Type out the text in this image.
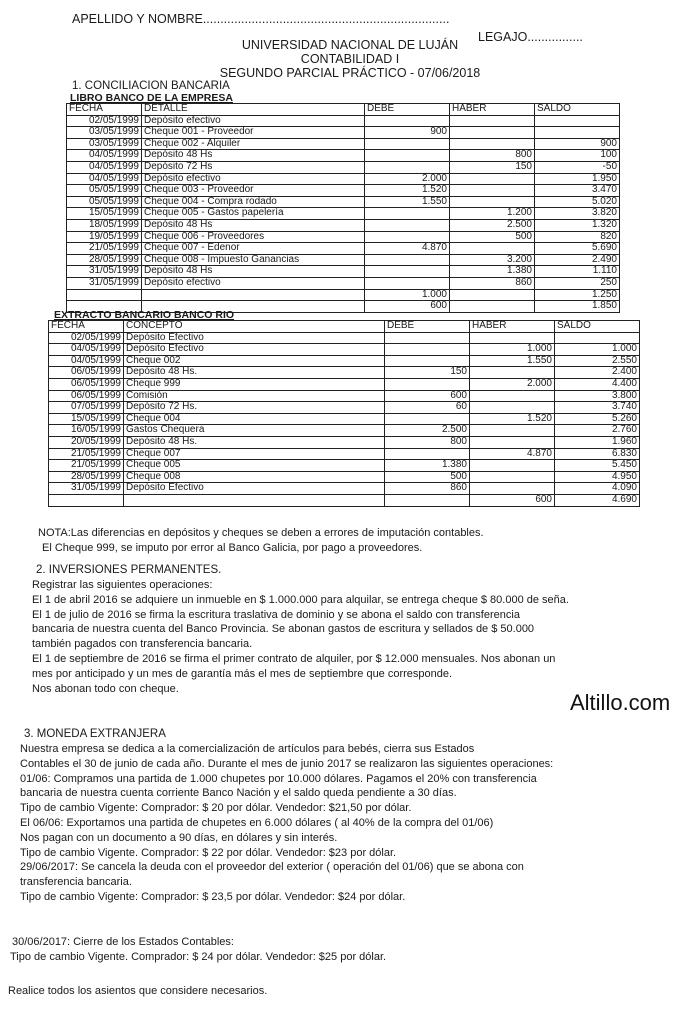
APELLIDO Y NOMBRE.......................................................................
LEGAJO................
UNIVERSIDAD NACIONAL DE LUJÁN
CONTABILIDAD I
SEGUNDO PARCIAL PRÁCTICO - 07/06/2018
1. CONCILIACION BANCARIA
LIBRO BANCO DE LA EMPRESA
FECHA	DETALLE	DEBE	HABER	SALDO
02/05/1999	Depósito efectivo			
03/05/1999	Cheque 001 - Proveedor	900		
03/05/1999	Cheque 002 - Alquiler			900
04/05/1999	Depósito 48 Hs		800	100
04/05/1999	Depósito 72 Hs		150	-50
04/05/1999	Depósito efectivo	2.000		1.950
05/05/1999	Cheque 003 - Proveedor	1.520		3.470
05/05/1999	Cheque 004 - Compra rodado	1.550		5.020
15/05/1999	Cheque 005 - Gastos papelería		1.200	3.820
18/05/1999	Depósito 48 Hs		2.500	1.320
19/05/1999	Cheque 006 - Proveedores		500	820
21/05/1999	Cheque 007 - Edenor	4.870		5.690
28/05/1999	Cheque 008 - Impuesto Ganancias		3.200	2.490
31/05/1999	Depósito 48 Hs		1.380	1.110
31/05/1999	Depósito efectivo		860	250
		1.000		1.250
		600		1.850
EXTRACTO BANCARIO BANCO RIO
FECHA	CONCEPTO	DEBE	HABER	SALDO
02/05/1999	Depósito Efectivo			
04/05/1999	Depósito Efectivo		1.000	1.000
04/05/1999	Cheque 002		1.550	2.550
06/05/1999	Depósito 48 Hs.	150		2.400
06/05/1999	Cheque 999		2.000	4.400
06/05/1999	Comisión	600		3.800
07/05/1999	Depósito 72 Hs.	60		3.740
15/05/1999	Cheque 004		1.520	5.260
16/05/1999	Gastos Chequera	2.500		2.760
20/05/1999	Depósito 48 Hs.	800		1.960
21/05/1999	Cheque 007		4.870	6.830
21/05/1999	Cheque 005	1.380		5.450
28/05/1999	Cheque 008	500		4.950
31/05/1999	Depósito Efectivo	860		4.090
			600	4.690
NOTA:Las diferencias en depósitos y cheques se deben a errores de imputación contables.
El Cheque 999, se imputo por error al Banco Galicia, por pago a proveedores.
2. INVERSIONES PERMANENTES.
Registrar las siguientes operaciones:
El 1 de abril 2016 se adquiere un inmueble en $ 1.000.000 para alquilar, se entrega cheque $ 80.000 de seña.
El 1 de julio de 2016 se firma la escritura traslativa de dominio y se abona el saldo con transferencia
bancaria de nuestra cuenta del Banco Provincia. Se abonan gastos de escritura y sellados de $ 50.000
también pagados con transferencia bancaria.
El 1 de septiembre de 2016 se firma el primer contrato de alquiler, por $ 12.000 mensuales. Nos abonan un
mes por anticipado y un mes de garantía más el mes de septiembre que corresponde.
Nos abonan todo con cheque.
Altillo.com
3. MONEDA EXTRANJERA
Nuestra empresa se dedica a la comercialización de artículos para bebés, cierra sus Estados
Contables el 30 de junio de cada año. Durante el mes de junio 2017 se realizaron las siguientes operaciones:
01/06: Compramos una partida de 1.000 chupetes por 10.000 dólares. Pagamos el 20% con transferencia
bancaria de nuestra cuenta corriente Banco Nación y el saldo queda pendiente a 30 días.
Tipo de cambio Vigente: Comprador: $ 20 por dólar. Vendedor: $21,50 por dólar.
El 06/06: Exportamos una partida de chupetes en 6.000 dólares ( al 40% de la compra del 01/06)
Nos pagan con un documento a 90 días, en dólares y sin interés.
Tipo de cambio Vigente. Comprador: $ 22 por dólar. Vendedor: $23 por dólar.
29/06/2017: Se cancela la deuda con el proveedor del exterior ( operación del 01/06) que se abona con
transferencia bancaria.
Tipo de cambio Vigente: Comprador: $ 23,5 por dólar. Vendedor: $24 por dólar.
30/06/2017: Cierre de los Estados Contables:
Tipo de cambio Vigente. Comprador: $ 24 por dólar. Vendedor: $25 por dólar.
Realice todos los asientos que considere necesarios.
